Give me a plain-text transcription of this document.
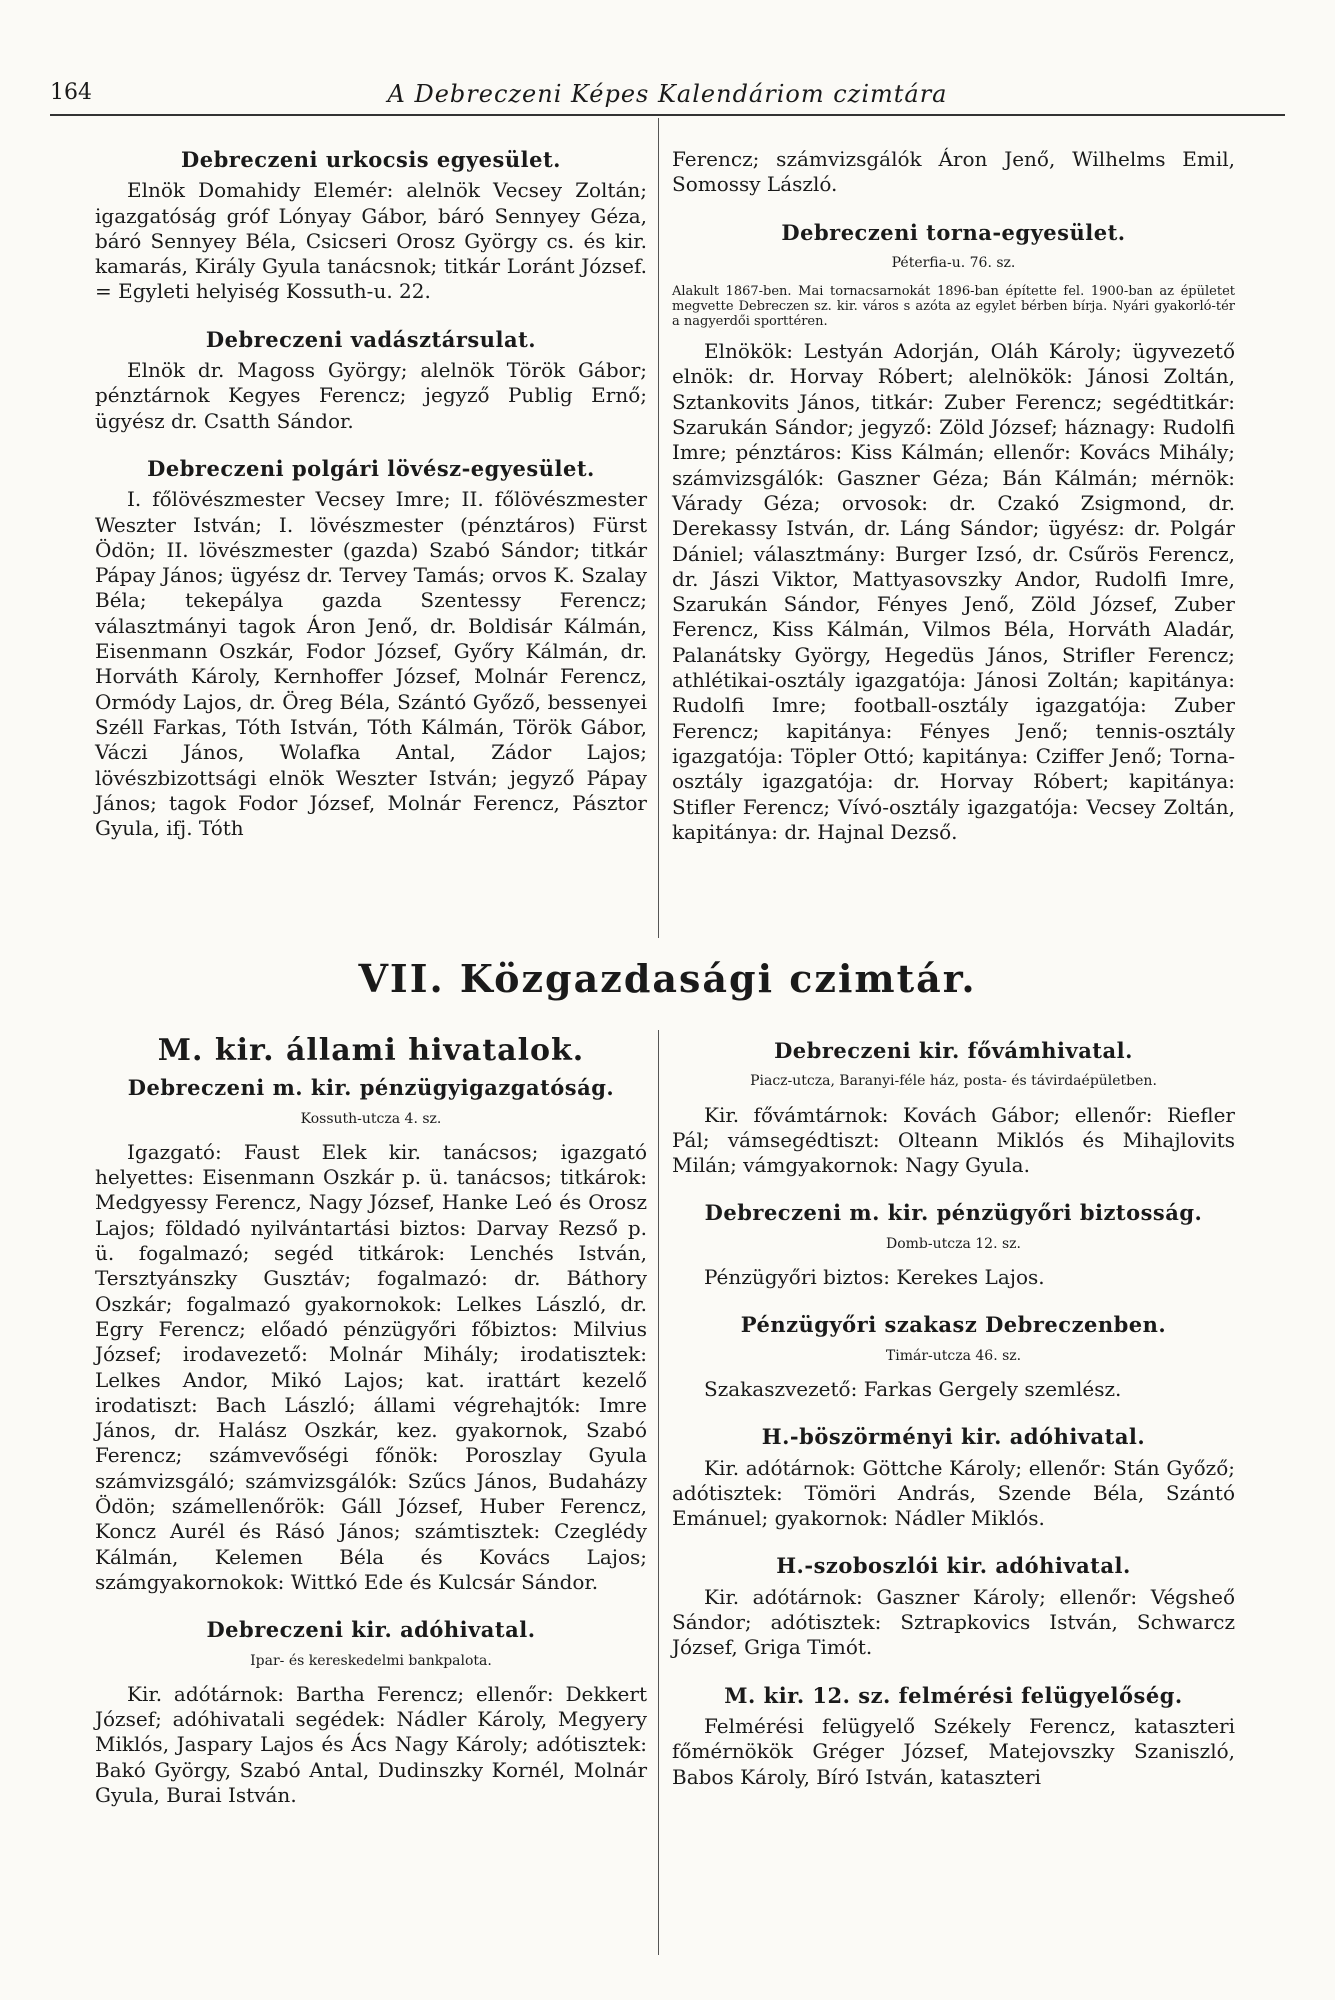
164	A Debreczeni Képes Kalendáriom czimtára
Debreczeni urkocsis egyesület.

Elnök Domahidy Elemér: alelnök Vecsey Zoltán; igazgatóság gróf Lónyay Gábor, báró Sennyey Géza, báró Sennyey Béla, Csicseri Orosz György cs. és kir. kamarás, Király Gyula tanácsnok; titkár Loránt József. = Egyleti helyiség Kossuth-u. 22.

Debreczeni vadásztársulat.

Elnök dr. Magoss György; alelnök Török Gábor; pénztárnok Kegyes Ferencz; jegyző Publig Ernő; ügyész dr. Csatth Sándor.

Debreczeni polgári lövész-egyesület.

I. főlövészmester Vecsey Imre; II. főlövészmester Weszter István; I. lövészmester (pénztáros) Fürst Ödön; II. lövészmester (gazda) Szabó Sándor; titkár Pápay János; ügyész dr. Tervey Tamás; orvos K. Szalay Béla; tekepálya gazda Szentessy Ferencz; választmányi tagok Áron Jenő, dr. Boldisár Kálmán, Eisenmann Oszkár, Fodor József, Győry Kálmán, dr. Horváth Károly, Kernhoffer József, Molnár Ferencz, Ormódy Lajos, dr. Öreg Béla, Szántó Győző, bessenyei Széll Farkas, Tóth István, Tóth Kálmán, Török Gábor, Váczi János, Wolafka Antal, Zádor Lajos; lövészbizottsági elnök Weszter István; jegyző Pápay János; tagok Fodor József, Molnár Ferencz, Pásztor Gyula, ifj. Tóth

Ferencz; számvizsgálók Áron Jenő, Wilhelms Emil, Somossy László.

Debreczeni torna-egyesület.
Péterfia-u. 76. sz.
Alakult 1867-ben. Mai tornacsarnokát 1896-ban építette fel. 1900-ban az épületet megvette Debreczen sz. kir. város s azóta az egylet bérben bírja. Nyári gyakorló-tér a nagyerdői sporttéren.

Elnökök: Lestyán Adorján, Oláh Károly; ügyvezető elnök: dr. Horvay Róbert; alelnökök: Jánosi Zoltán, Sztankovits János, titkár: Zuber Ferencz; segédtitkár: Szarukán Sándor; jegyző: Zöld József; háznagy: Rudolfi Imre; pénztáros: Kiss Kálmán; ellenőr: Kovács Mihály; számvizsgálók: Gaszner Géza; Bán Kálmán; mérnök: Várady Géza; orvosok: dr. Czakó Zsigmond, dr. Derekassy István, dr. Láng Sándor; ügyész: dr. Polgár Dániel; választmány: Burger Izsó, dr. Csűrös Ferencz, dr. Jászi Viktor, Mattyasovszky Andor, Rudolfi Imre, Szarukán Sándor, Fényes Jenő, Zöld József, Zuber Ferencz, Kiss Kálmán, Vilmos Béla, Horváth Aladár, Palanátsky György, Hegedüs János, Strifler Ferencz; athlétikai-osztály igazgatója: Jánosi Zoltán; kapitánya: Rudolfi Imre; football-osztály igazgatója: Zuber Ferencz; kapitánya: Fényes Jenő; tennis-osztály igazgatója: Töpler Ottó; kapitánya: Cziffer Jenő; Torna-osztály igazgatója: dr. Horvay Róbert; kapitánya: Stifler Ferencz; Vívó-osztály igazgatója: Vecsey Zoltán, kapitánya: dr. Hajnal Dezső.

VII. Közgazdasági czimtár.
M. kir. állami hivatalok.
Debreczeni m. kir. pénzügyigazgatóság.
Kossuth-utcza 4. sz.

Igazgató: Faust Elek kir. tanácsos; igazgató helyettes: Eisenmann Oszkár p. ü. tanácsos; titkárok: Medgyessy Ferencz, Nagy József, Hanke Leó és Orosz Lajos; földadó nyilvántartási biztos: Darvay Rezső p. ü. fogalmazó; segéd titkárok: Lenchés István, Tersztyánszky Gusztáv; fogalmazó: dr. Báthory Oszkár; fogalmazó gyakornokok: Lelkes László, dr. Egry Ferencz; előadó pénzügyőri főbiztos: Milvius József; irodavezető: Molnár Mihály; irodatisztek: Lelkes Andor, Mikó Lajos; kat. irattárt kezelő irodatiszt: Bach László; állami végrehajtók: Imre János, dr. Halász Oszkár, kez. gyakornok, Szabó Ferencz; számvevőségi főnök: Poroszlay Gyula számvizsgáló; számvizsgálók: Szűcs János, Budaházy Ödön; számellenőrök: Gáll József, Huber Ferencz, Koncz Aurél és Rásó János; számtisztek: Czeglédy Kálmán, Kelemen Béla és Kovács Lajos; számgyakornokok: Wittkó Ede és Kulcsár Sándor.

Debreczeni kir. adóhivatal.
Ipar- és kereskedelmi bankpalota.

Kir. adótárnok: Bartha Ferencz; ellenőr: Dekkert József; adóhivatali segédek: Nádler Károly, Megyery Miklós, Jaspary Lajos és Ács Nagy Károly; adótisztek: Bakó György, Szabó Antal, Dudinszky Kornél, Molnár Gyula, Burai István.

Debreczeni kir. fővámhivatal.
Piacz-utcza, Baranyi-féle ház, posta- és távirdaépületben.

Kir. fővámtárnok: Kovách Gábor; ellenőr: Riefler Pál; vámsegédtiszt: Olteann Miklós és Mihajlovits Milán; vámgyakornok: Nagy Gyula.

Debreczeni m. kir. pénzügyőri biztosság.
Domb-utcza 12. sz.

Pénzügyőri biztos: Kerekes Lajos.

Pénzügyőri szakasz Debreczenben.
Timár-utcza 46. sz.

Szakaszvezető: Farkas Gergely szemlész.

H.-böszörményi kir. adóhivatal.

Kir. adótárnok: Göttche Károly; ellenőr: Stán Győző; adótisztek: Tömöri András, Szende Béla, Szántó Emánuel; gyakornok: Nádler Miklós.

H.-szoboszlói kir. adóhivatal.

Kir. adótárnok: Gaszner Károly; ellenőr: Végsheő Sándor; adótisztek: Sztrapkovics István, Schwarcz József, Griga Timót.

M. kir. 12. sz. felmérési felügyelőség.

Felmérési felügyelő Székely Ferencz, kataszteri főmérnökök Gréger József, Matejovszky Szaniszló, Babos Károly, Bíró István, kataszteri
